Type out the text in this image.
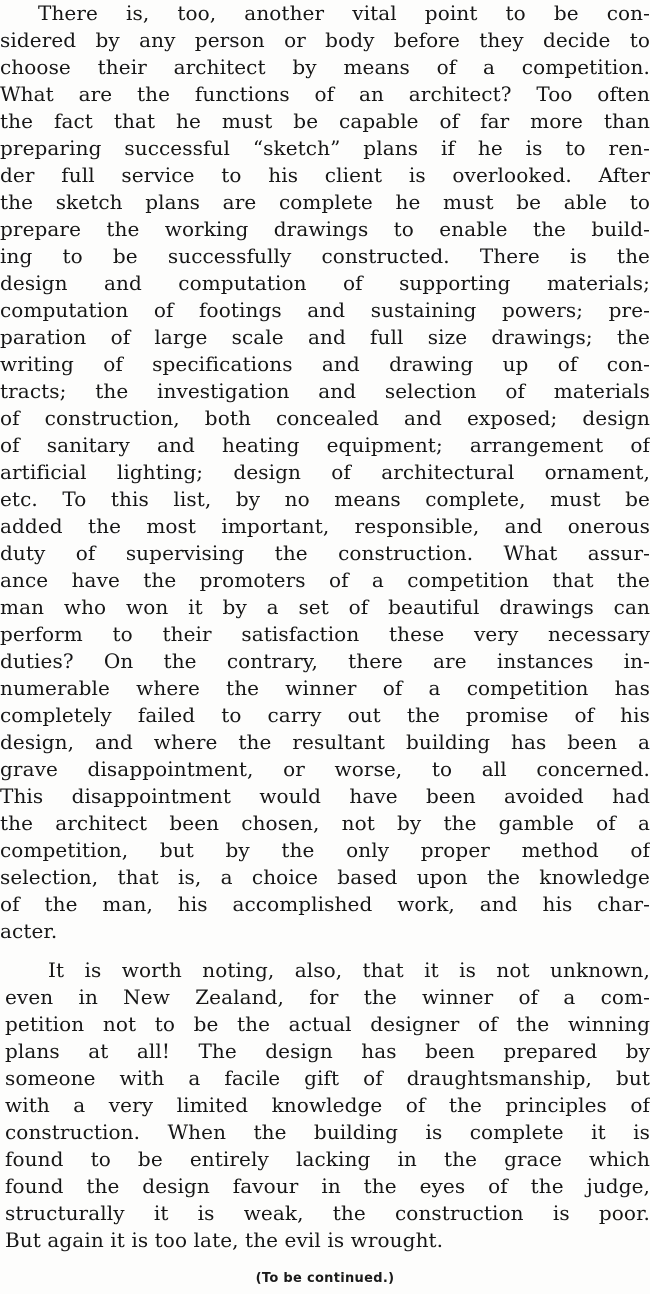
There is, too, another vital point to be con-

sidered by any person or body before they decide to

choose their architect by means of a competition.

What are the functions of an architect? Too often

the fact that he must be capable of far more than

preparing successful “sketch” plans if he is to ren-

der full service to his client is overlooked. After

the sketch plans are complete he must be able to

prepare the working drawings to enable the build-

ing to be successfully constructed. There is the

design and computation of supporting materials;

computation of footings and sustaining powers; pre-

paration of large scale and full size drawings; the

writing of specifications and drawing up of con-

tracts; the investigation and selection of materials

of construction, both concealed and exposed; design

of sanitary and heating equipment; arrangement of

artificial lighting; design of architectural ornament,

etc. To this list, by no means complete, must be

added the most important, responsible, and onerous

duty of supervising the construction. What assur-

ance have the promoters of a competition that the

man who won it by a set of beautiful drawings can

perform to their satisfaction these very necessary

duties? On the contrary, there are instances in-

numerable where the winner of a competition has

completely failed to carry out the promise of his

design, and where the resultant building has been a

grave disappointment, or worse, to all concerned.

This disappointment would have been avoided had

the architect been chosen, not by the gamble of a

competition, but by the only proper method of

selection, that is, a choice based upon the knowledge

of the man, his accomplished work, and his char-

acter.

It is worth noting, also, that it is not unknown,

even in New Zealand, for the winner of a com-

petition not to be the actual designer of the winning

plans at all! The design has been prepared by

someone with a facile gift of draughtsmanship, but

with a very limited knowledge of the principles of

construction. When the building is complete it is

found to be entirely lacking in the grace which

found the design favour in the eyes of the judge,

structurally it is weak, the construction is poor.

But again it is too late, the evil is wrought.

(To be continued.)
